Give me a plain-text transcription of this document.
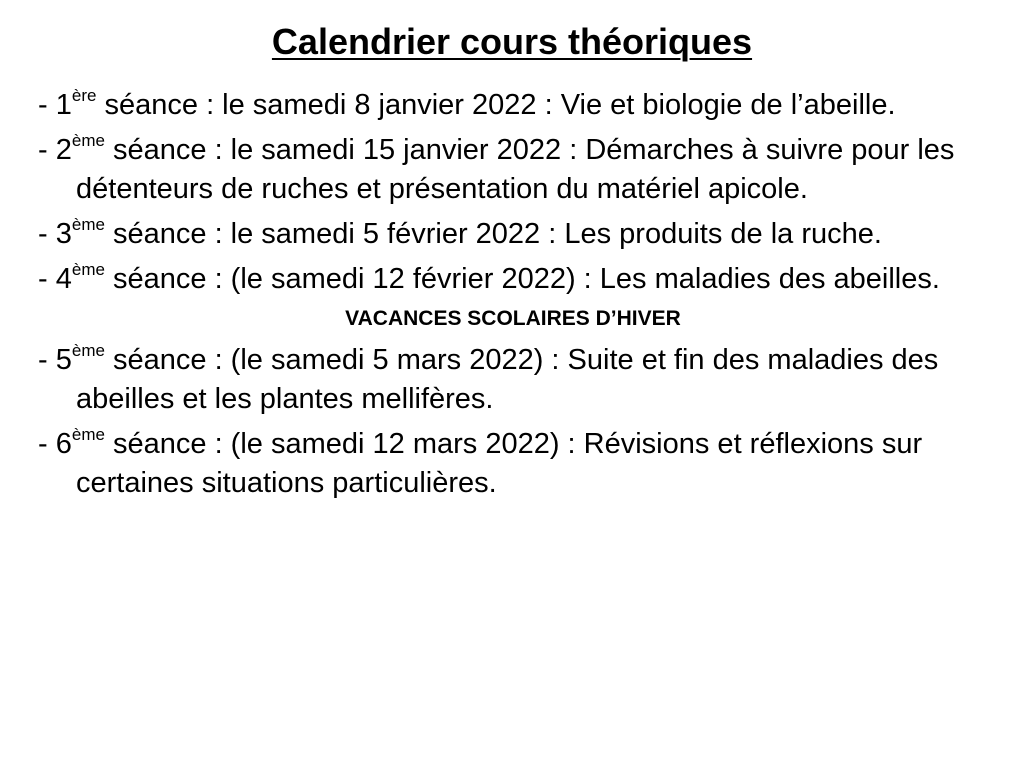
Calendrier cours théoriques
- 1ère séance : le samedi 8 janvier 2022 : Vie et biologie de l’abeille.
- 2ème séance : le samedi 15 janvier 2022 : Démarches à suivre pour les détenteurs de ruches et présentation du matériel apicole.
- 3ème séance : le samedi 5 février 2022 : Les produits de la ruche.
- 4ème séance : (le samedi 12 février 2022) : Les maladies des abeilles.
VACANCES SCOLAIRES D’HIVER
- 5ème séance : (le samedi 5 mars 2022) : Suite et fin des maladies des abeilles et les plantes mellifères.
- 6ème séance : (le samedi 12 mars 2022) : Révisions et réflexions sur certaines situations particulières.
